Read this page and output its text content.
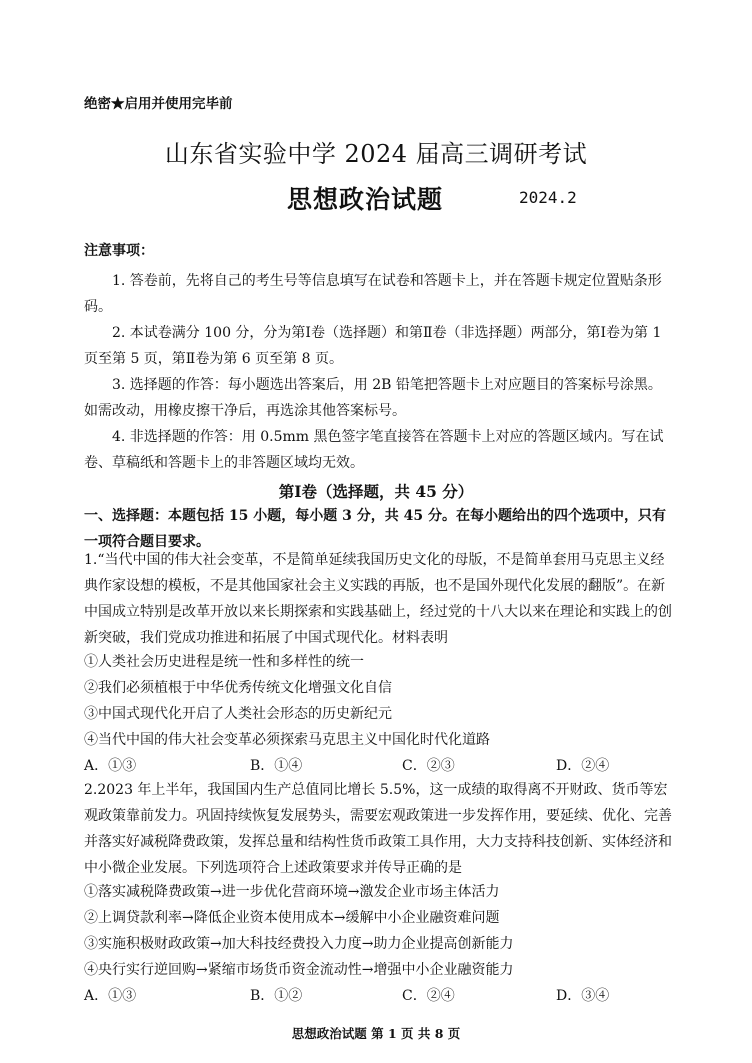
绝密★启用并使用完毕前
山东省实验中学 2024 届高三调研考试
思想政治试题	2024.2
注意事项：
1. 答卷前，先将自己的考生号等信息填写在试卷和答题卡上，并在答题卡规定位置贴条形码。
2. 本试卷满分 100 分，分为第Ⅰ卷（选择题）和第Ⅱ卷（非选择题）两部分，第Ⅰ卷为第 1 页至第 5 页，第Ⅱ卷为第 6 页至第 8 页。
3. 选择题的作答：每小题选出答案后，用 2B 铅笔把答题卡上对应题目的答案标号涂黑。如需改动，用橡皮擦干净后，再选涂其他答案标号。
4. 非选择题的作答：用 0.5mm 黑色签字笔直接答在答题卡上对应的答题区域内。写在试卷、草稿纸和答题卡上的非答题区域均无效。
第Ⅰ卷（选择题，共 45 分）
一、选择题：本题包括 15 小题，每小题 3 分，共 45 分。在每小题给出的四个选项中，只有一项符合题目要求。
1.“当代中国的伟大社会变革，不是简单延续我国历史文化的母版，不是简单套用马克思主义经典作家设想的模板，不是其他国家社会主义实践的再版，也不是国外现代化发展的翻版”。在新中国成立特别是改革开放以来长期探索和实践基础上，经过党的十八大以来在理论和实践上的创新突破，我们党成功推进和拓展了中国式现代化。材料表明
①人类社会历史进程是统一性和多样性的统一
②我们必须植根于中华优秀传统文化增强文化自信
③中国式现代化开启了人类社会形态的历史新纪元
④当代中国的伟大社会变革必须探索马克思主义中国化时代化道路
A．①③	B．①④	C．②③	D．②④
2.2023 年上半年，我国国内生产总值同比增长 5.5%，这一成绩的取得离不开财政、货币等宏观政策靠前发力。巩固持续恢复发展势头，需要宏观政策进一步发挥作用，要延续、优化、完善并落实好减税降费政策，发挥总量和结构性货币政策工具作用，大力支持科技创新、实体经济和中小微企业发展。下列选项符合上述政策要求并传导正确的是
①落实减税降费政策→进一步优化营商环境→激发企业市场主体活力
②上调贷款利率→降低企业资本使用成本→缓解中小企业融资难问题
③实施积极财政政策→加大科技经费投入力度→助力企业提高创新能力
④央行实行逆回购→紧缩市场货币资金流动性→增强中小企业融资能力
A．①③	B．①②	C．②④	D．③④
思想政治试题 第 1 页 共 8 页
